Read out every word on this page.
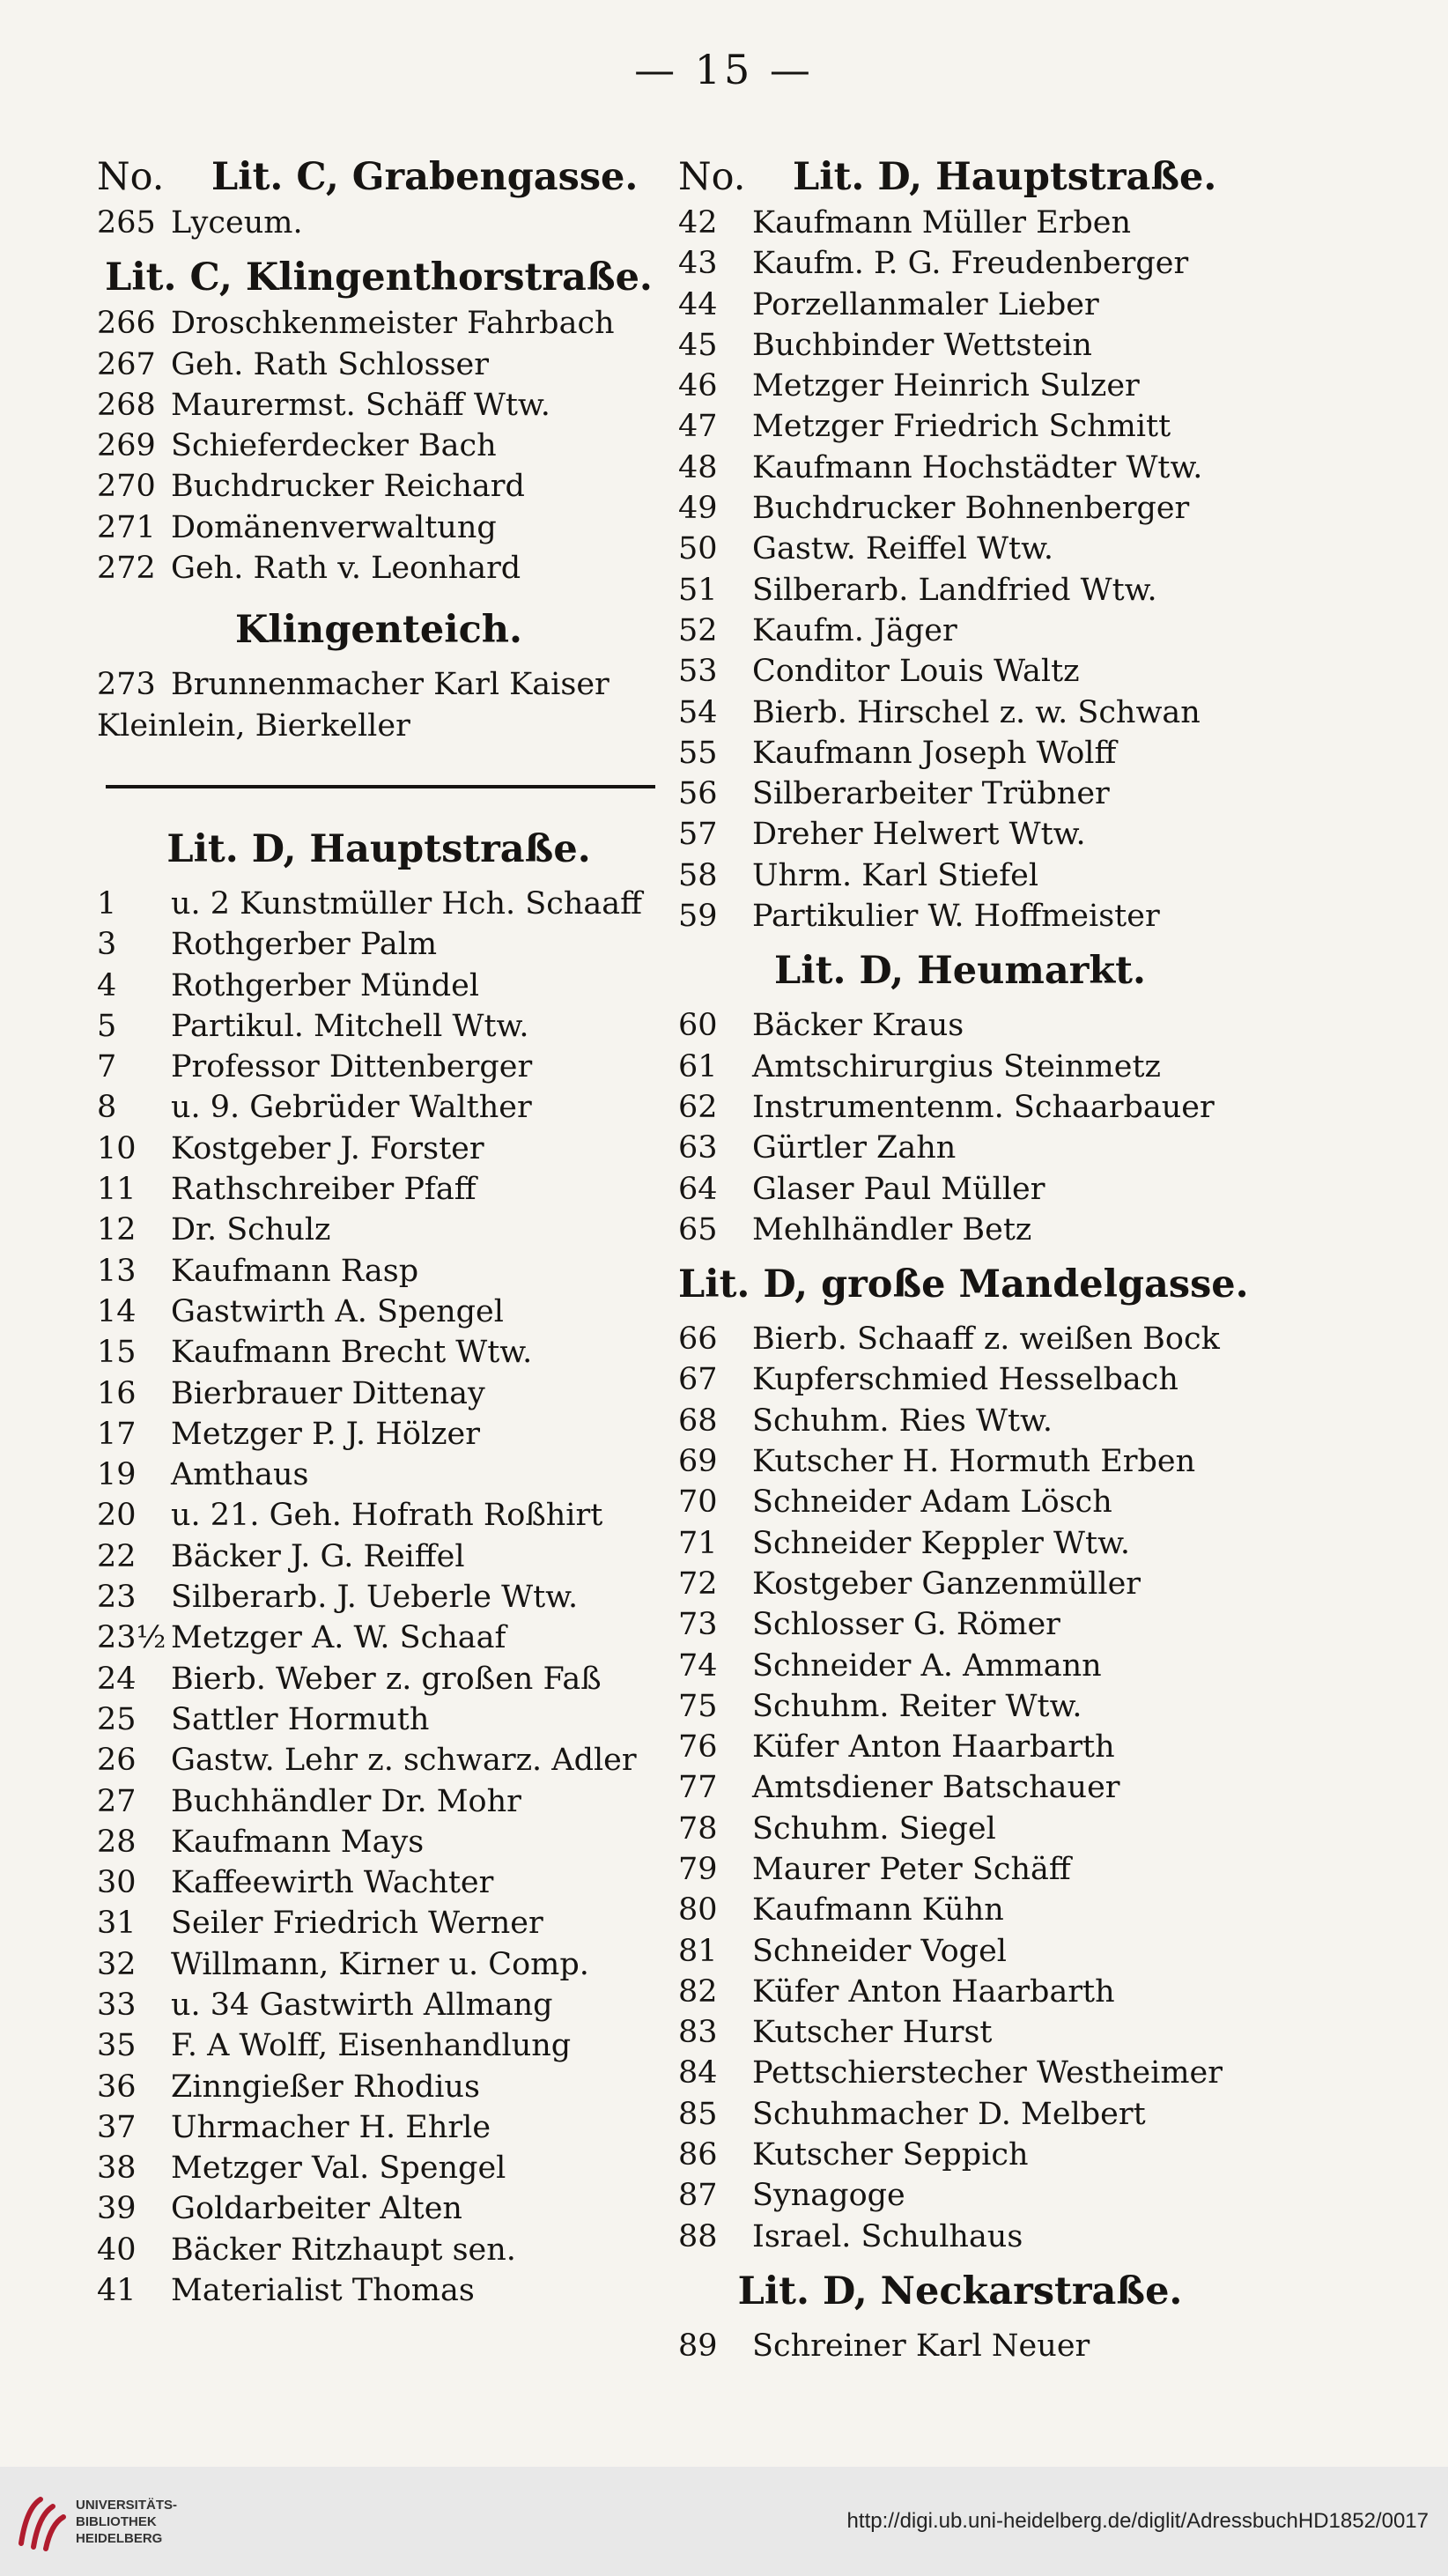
— 15 —
No.	Lit. C, Grabengasse.
265 Lyceum.
Lit. C, Klingenthorstraße.
266 Droschkenmeister Fahrbach
267 Geh. Rath Schlosser
268 Maurermst. Schäff Wtw.
269 Schieferdecker Bach
270 Buchdrucker Reichard
271 Domänenverwaltung
272 Geh. Rath v. Leonhard
Klingenteich.
273 Brunnenmacher Karl Kaiser
Kleinlein, Bierkeller
Lit. D, Hauptstraße.
1	u. 2 Kunstmüller Hch. Schaaff
3	Rothgerber Palm
4	Rothgerber Mündel
5	Partikul. Mitchell Wtw.
7	Professor Dittenberger
8	u. 9. Gebrüder Walther
10	Kostgeber J. Forster
11	Rathschreiber Pfaff
12	Dr. Schulz
13	Kaufmann Rasp
14	Gastwirth A. Spengel
15	Kaufmann Brecht Wtw.
16	Bierbrauer Dittenay
17	Metzger P. J. Hölzer
19	Amthaus
20	u. 21. Geh. Hofrath Roßhirt
22	Bäcker J. G. Reiffel
23	Silberarb. J. Ueberle Wtw.
23½ Metzger A. W. Schaaf
24	Bierb. Weber z. großen Faß
25	Sattler Hormuth
26	Gastw. Lehr z. schwarz. Adler
27	Buchhändler Dr. Mohr
28	Kaufmann Mays
30	Kaffeewirth Wachter
31	Seiler Friedrich Werner
32	Willmann, Kirner u. Comp.
33	u. 34 Gastwirth Allmang
35	F. A Wolff, Eisenhandlung
36	Zinngießer Rhodius
37	Uhrmacher H. Ehrle
38	Metzger Val. Spengel
39	Goldarbeiter Alten
40	Bäcker Ritzhaupt sen.
41	Materialist Thomas
No.	Lit. D, Hauptstraße.
42	Kaufmann Müller Erben
43	Kaufm. P. G. Freudenberger
44	Porzellanmaler Lieber
45	Buchbinder Wettstein
46	Metzger Heinrich Sulzer
47	Metzger Friedrich Schmitt
48	Kaufmann Hochstädter Wtw.
49	Buchdrucker Bohnenberger
50	Gastw. Reiffel Wtw.
51	Silberarb. Landfried Wtw.
52	Kaufm. Jäger
53	Conditor Louis Waltz
54	Bierb. Hirschel z. w. Schwan
55	Kaufmann Joseph Wolff
56	Silberarbeiter Trübner
57	Dreher Helwert Wtw.
58	Uhrm. Karl Stiefel
59	Partikulier W. Hoffmeister
Lit. D, Heumarkt.
60	Bäcker Kraus
61	Amtschirurgius Steinmetz
62	Instrumentenm. Schaarbauer
63	Gürtler Zahn
64	Glaser Paul Müller
65	Mehlhändler Betz
Lit. D, große Mandelgasse.
66	Bierb. Schaaff z. weißen Bock
67	Kupferschmied Hesselbach
68	Schuhm. Ries Wtw.
69	Kutscher H. Hormuth Erben
70	Schneider Adam Lösch
71	Schneider Keppler Wtw.
72	Kostgeber Ganzenmüller
73	Schlosser G. Römer
74	Schneider A. Ammann
75	Schuhm. Reiter Wtw.
76	Küfer Anton Haarbarth
77	Amtsdiener Batschauer
78	Schuhm. Siegel
79	Maurer Peter Schäff
80	Kaufmann Kühn
81	Schneider Vogel
82	Küfer Anton Haarbarth
83	Kutscher Hurst
84	Pettschierstecher Westheimer
85	Schuhmacher D. Melbert
86	Kutscher Seppich
87	Synagoge
88	Israel. Schulhaus
Lit. D, Neckarstraße.
89	Schreiner Karl Neuer
UNIVERSITÄTS-
BIBLIOTHEK
HEIDELBERG
http://digi.ub.uni-heidelberg.de/diglit/AdressbuchHD1852/0017
